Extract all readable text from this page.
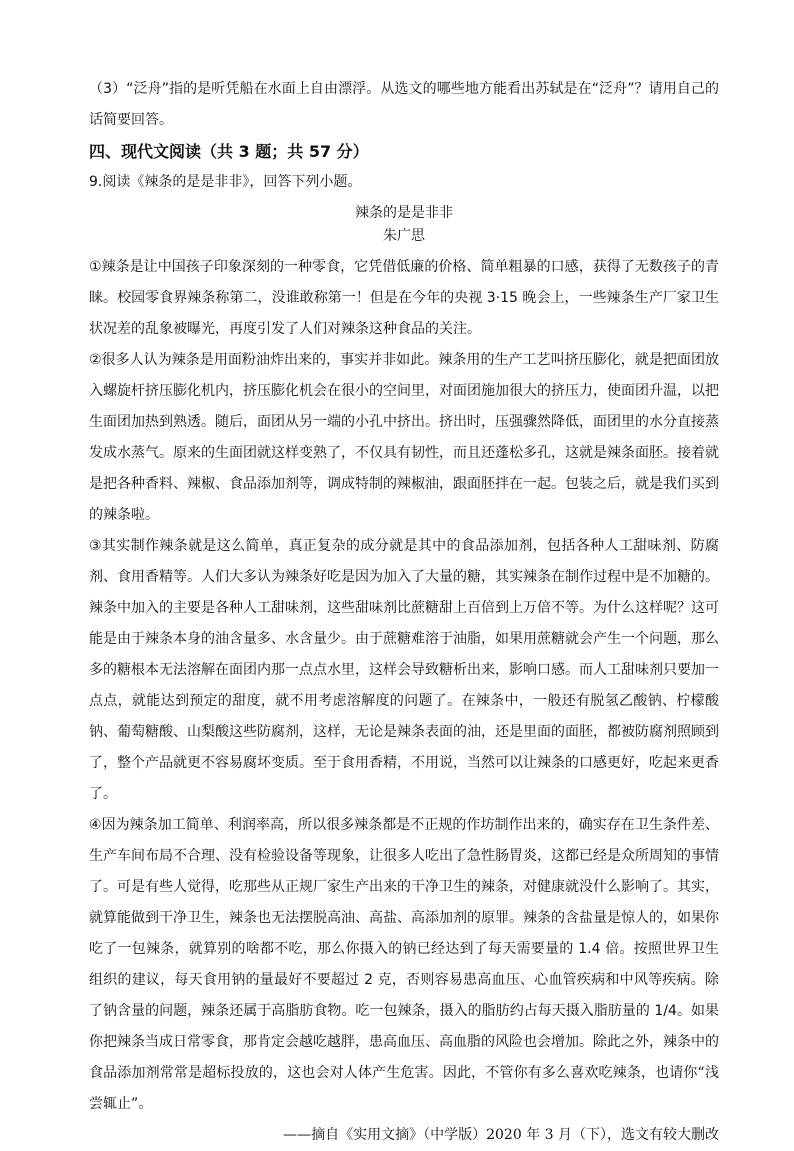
（3）“泛舟”指的是听凭船在水面上自由漂浮。从选文的哪些地方能看出苏轼是在“泛舟”？请用自己的话简要回答。

四、现代文阅读（共 3 题；共 57 分）

9.阅读《辣条的是是非非》，回答下列小题。

辣条的是是非非

朱广思

①辣条是让中国孩子印象深刻的一种零食，它凭借低廉的价格、简单粗暴的口感，获得了无数孩子的青睐。校园零食界辣条称第二，没谁敢称第一！但是在今年的央视 3·15 晚会上，一些辣条生产厂家卫生状况差的乱象被曝光，再度引发了人们对辣条这种食品的关注。

②很多人认为辣条是用面粉油炸出来的，事实并非如此。辣条用的生产工艺叫挤压膨化，就是把面团放入螺旋杆挤压膨化机内，挤压膨化机会在很小的空间里，对面团施加很大的挤压力，使面团升温，以把生面团加热到熟透。随后，面团从另一端的小孔中挤出。挤出时，压强骤然降低，面团里的水分直接蒸发成水蒸气。原来的生面团就这样变熟了，不仅具有韧性，而且还蓬松多孔，这就是辣条面胚。接着就是把各种香料、辣椒、食品添加剂等，调成特制的辣椒油，跟面胚拌在一起。包装之后，就是我们买到的辣条啦。

③其实制作辣条就是这么简单，真正复杂的成分就是其中的食品添加剂，包括各种人工甜味剂、防腐剂、食用香精等。人们大多认为辣条好吃是因为加入了大量的糖，其实辣条在制作过程中是不加糖的。辣条中加入的主要是各种人工甜味剂，这些甜味剂比蔗糖甜上百倍到上万倍不等。为什么这样呢？这可能是由于辣条本身的油含量多、水含量少。由于蔗糖难溶于油脂，如果用蔗糖就会产生一个问题，那么多的糖根本无法溶解在面团内那一点点水里，这样会导致糖析出来，影响口感。而人工甜味剂只要加一点点，就能达到预定的甜度，就不用考虑溶解度的问题了。在辣条中，一般还有脱氢乙酸钠、柠檬酸钠、葡萄糖酸、山梨酸这些防腐剂，这样，无论是辣条表面的油，还是里面的面胚，都被防腐剂照顾到了，整个产品就更不容易腐坏变质。至于食用香精，不用说，当然可以让辣条的口感更好，吃起来更香了。

④因为辣条加工简单、利润率高，所以很多辣条都是不正规的作坊制作出来的，确实存在卫生条件差、生产车间布局不合理、没有检验设备等现象，让很多人吃出了急性肠胃炎，这都已经是众所周知的事情了。可是有些人觉得，吃那些从正规厂家生产出来的干净卫生的辣条，对健康就没什么影响了。其实，就算能做到干净卫生，辣条也无法摆脱高油、高盐、高添加剂的原罪。辣条的含盐量是惊人的，如果你吃了一包辣条，就算别的啥都不吃，那么你摄入的钠已经达到了每天需要量的 1.4 倍。按照世界卫生组织的建议，每天食用钠的量最好不要超过 2 克，否则容易患高血压、心血管疾病和中风等疾病。除了钠含量的问题，辣条还属于高脂肪食物。吃一包辣条，摄入的脂肪约占每天摄入脂肪量的 1/4。如果你把辣条当成日常零食，那肯定会越吃越胖，患高血压、高血脂的风险也会增加。除此之外，辣条中的食品添加剂常常是超标投放的，这也会对人体产生危害。因此，不管你有多么喜欢吃辣条，也请你“浅尝辄止”。

——摘自《实用文摘》（中学版）2020 年 3 月（下），选文有较大删改
